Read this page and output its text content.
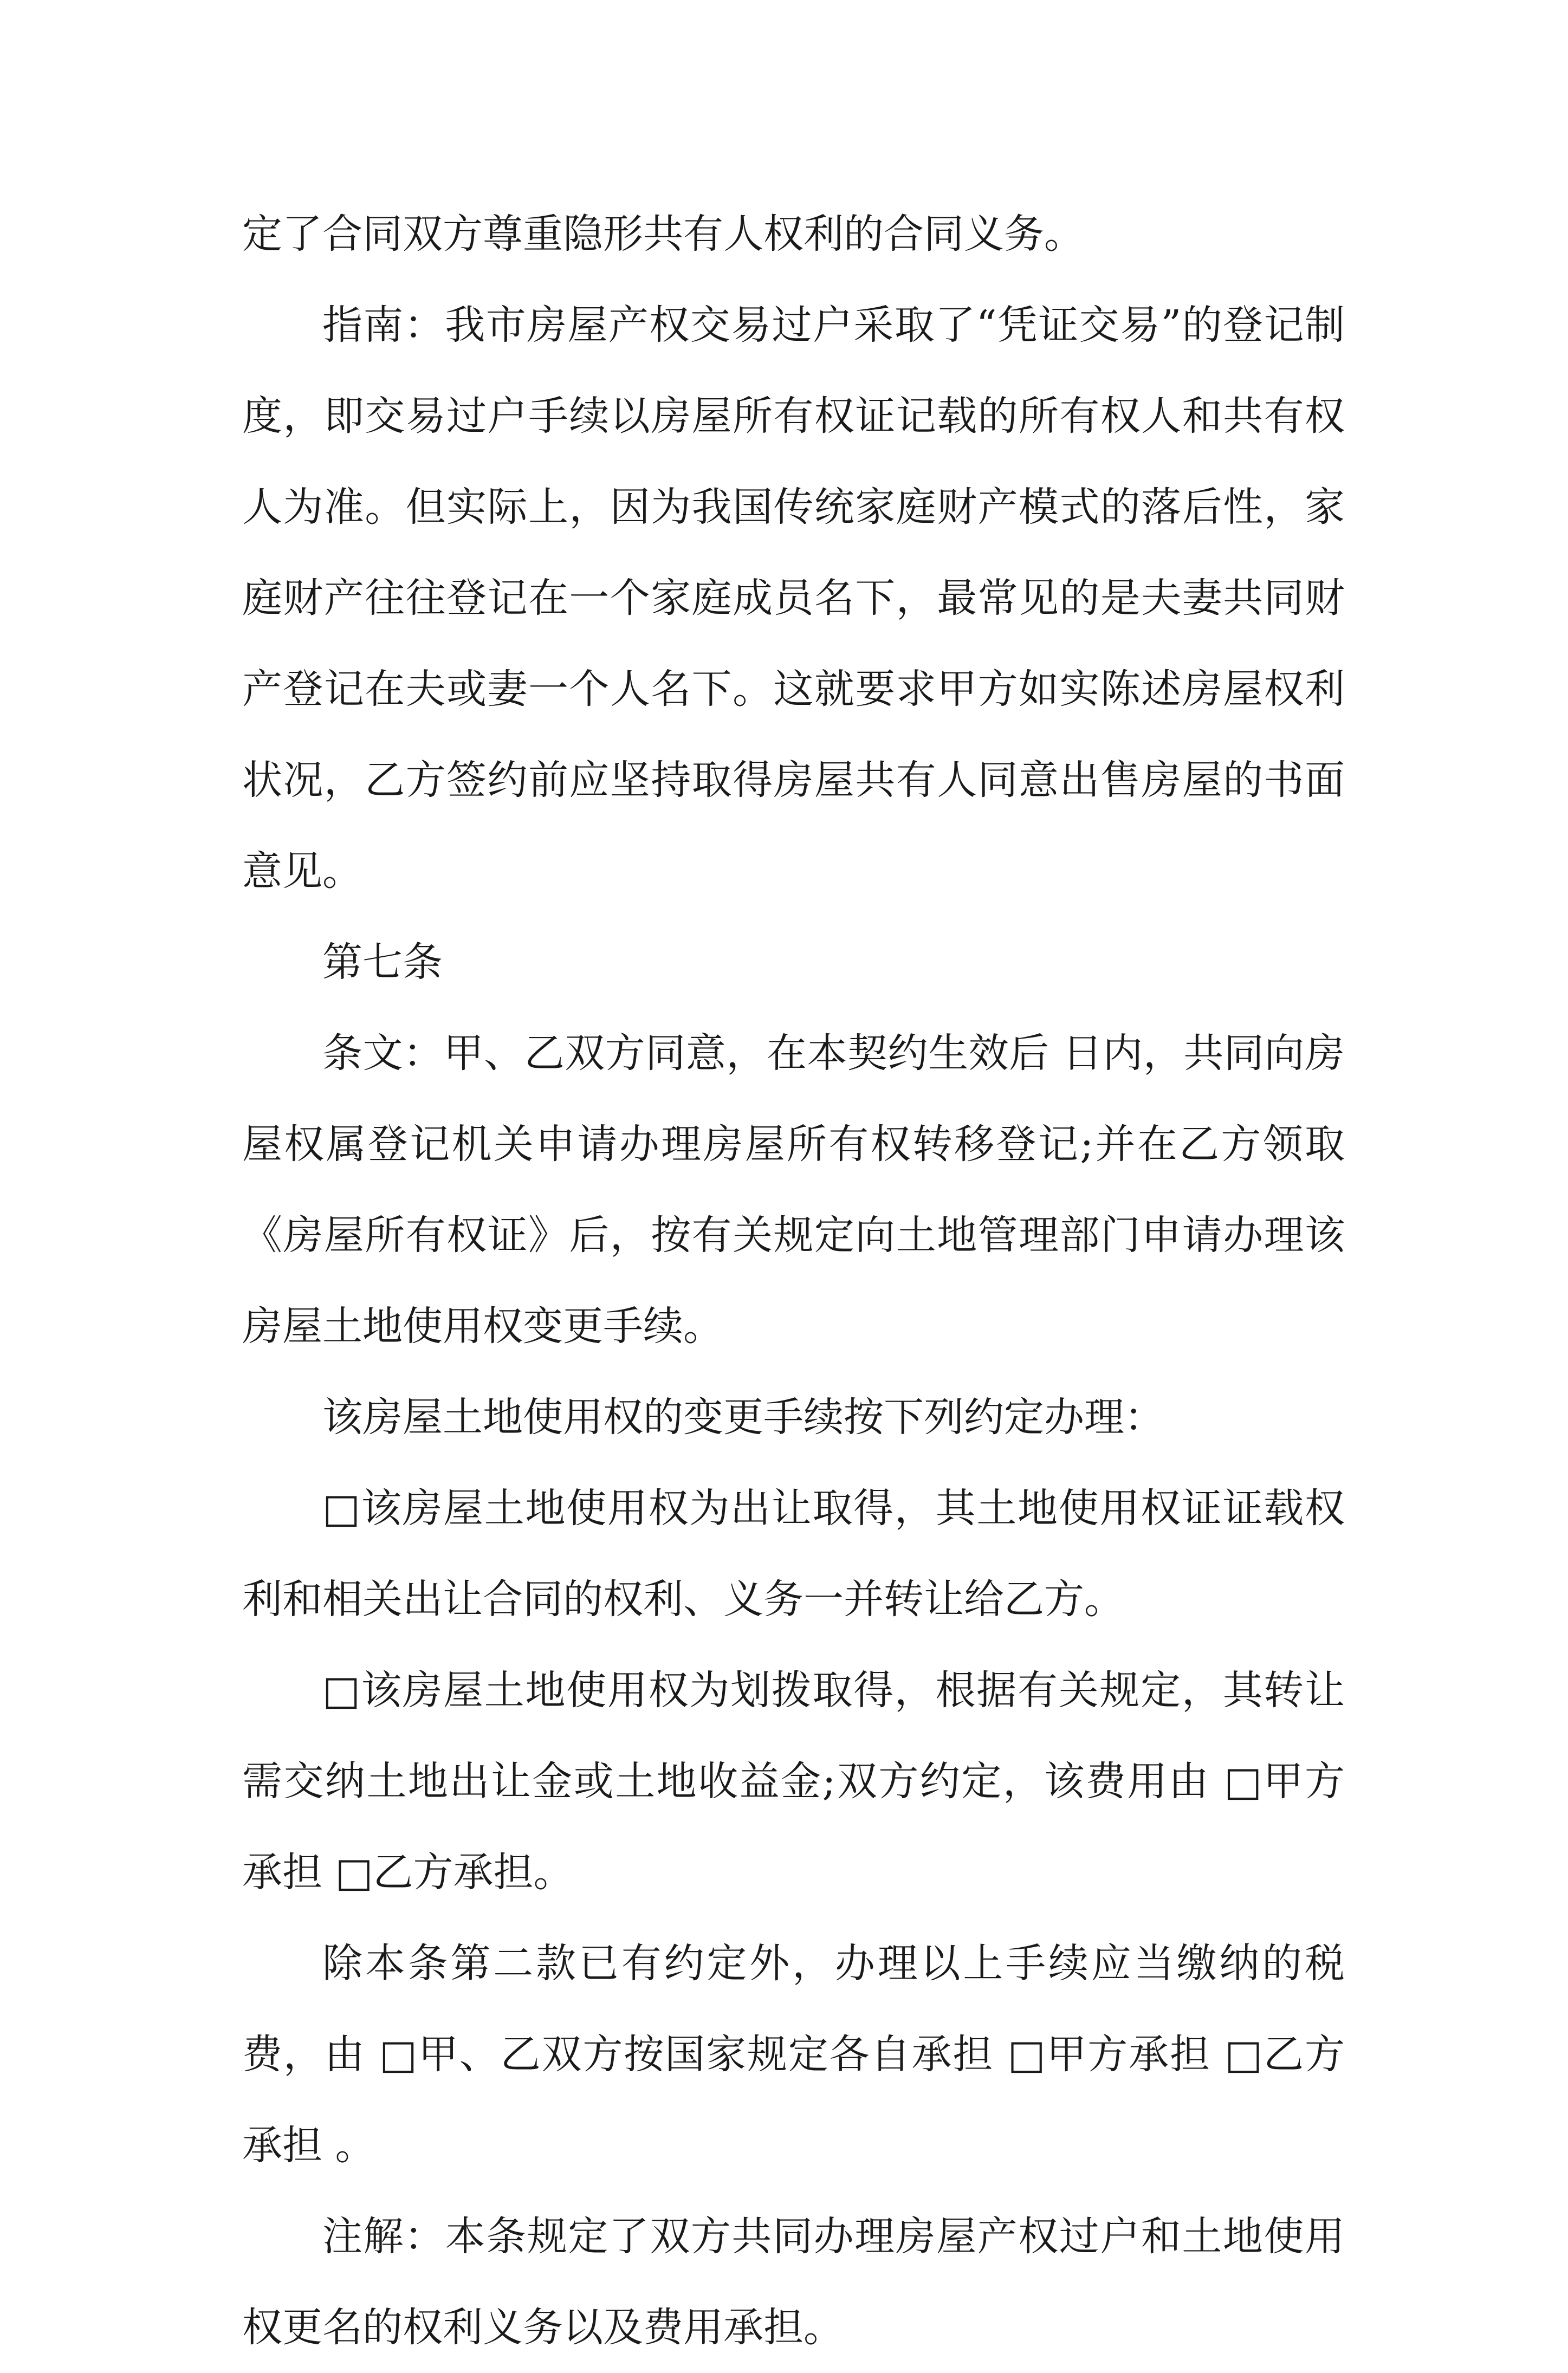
定了合同双方尊重隐形共有人权利的合同义务。

指南：我市房屋产权交易过户采取了“凭证交易”的登记制度，即交易过户手续以房屋所有权证记载的所有权人和共有权人为准。但实际上，因为我国传统家庭财产模式的落后性，家庭财产往往登记在一个家庭成员名下，最常见的是夫妻共同财产登记在夫或妻一个人名下。这就要求甲方如实陈述房屋权利状况，乙方签约前应坚持取得房屋共有人同意出售房屋的书面意见。

第七条

条文：甲、乙双方同意，在本契约生效后 日内，共同向房屋权属登记机关申请办理房屋所有权转移登记;并在乙方领取《房屋所有权证》后，按有关规定向土地管理部门申请办理该房屋土地使用权变更手续。

该房屋土地使用权的变更手续按下列约定办理：

□该房屋土地使用权为出让取得，其土地使用权证证载权利和相关出让合同的权利、义务一并转让给乙方。

□该房屋土地使用权为划拨取得，根据有关规定，其转让需交纳土地出让金或土地收益金;双方约定，该费用由 □甲方承担 □乙方承担。

除本条第二款已有约定外，办理以上手续应当缴纳的税费，由 □甲、乙双方按国家规定各自承担 □甲方承担 □乙方承担 。

注解：本条规定了双方共同办理房屋产权过户和土地使用权更名的权利义务以及费用承担。
